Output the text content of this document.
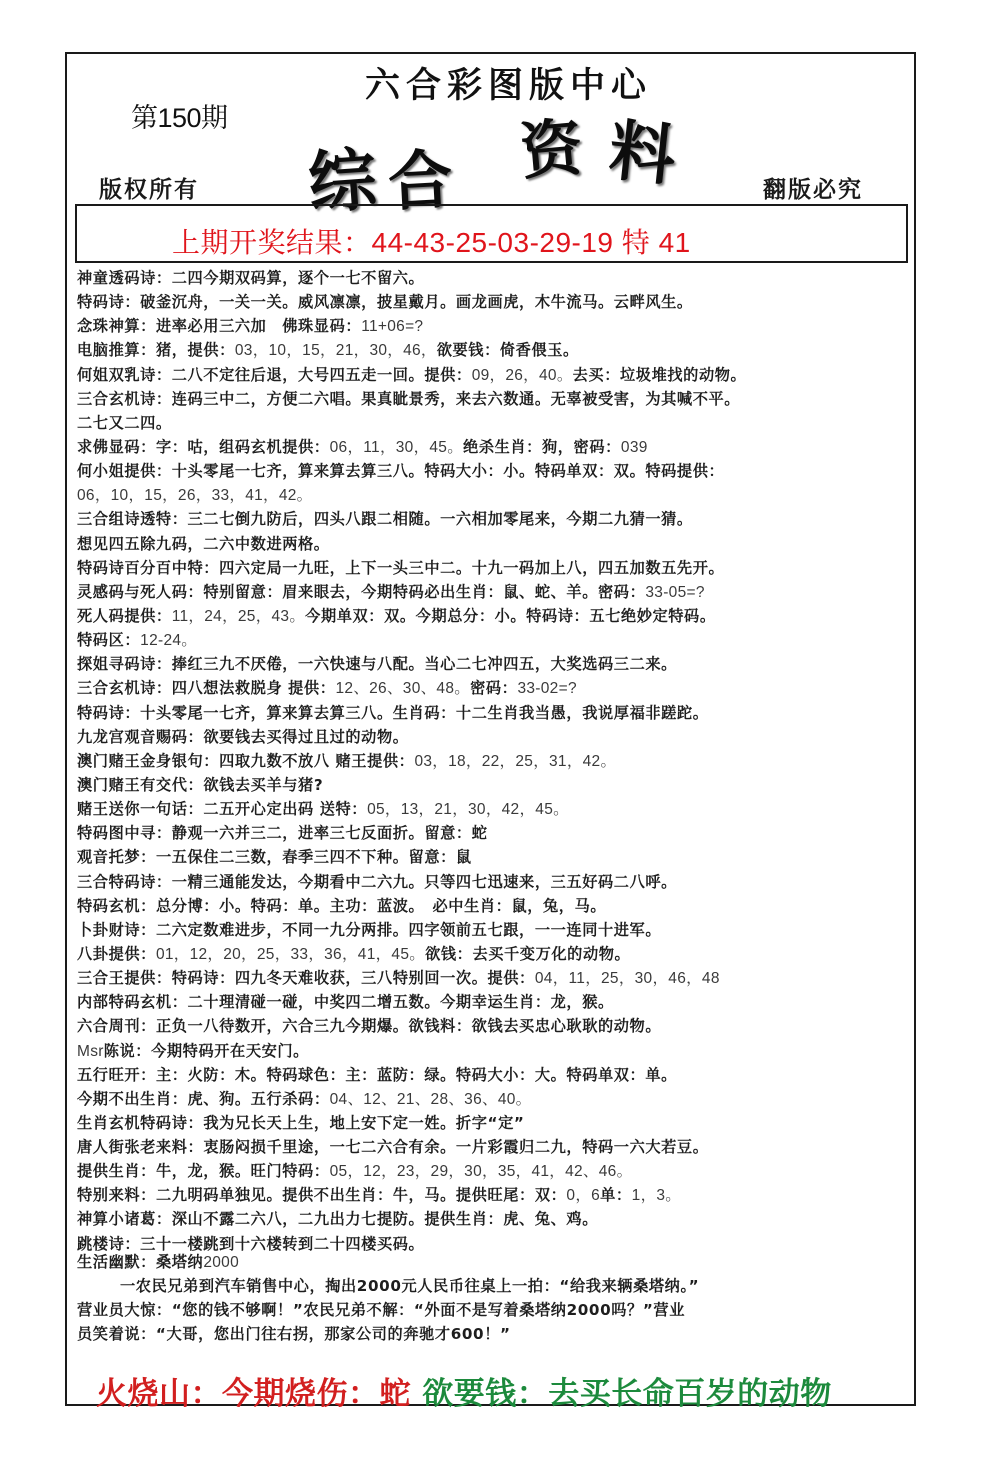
第150期
六合彩图版中心
版权所有	翻版必究
综 合 资 料
上期开奖结果：44-43-25-03-29-19 特 41
神童透码诗：二四今期双码算，逐个一七不留六。
特码诗：破釜沉舟，一关一关。威风凛凛，披星戴月。画龙画虎，木牛流马。云畔风生。
念珠神算：进率必用三六加　佛珠显码：11+06=?
电脑推算：猪，提供：03，10，15，21，30，46，欲要钱：倚香偎玉。
何姐双乳诗：二八不定往后退，大号四五走一回。提供：09，26，40。去买：垃圾堆找的动物。
三合玄机诗：连码三中二，方便二六唱。果真眦景秀，来去六数通。无辜被受害，为其喊不平。
二七又二四。
求佛显码：字：咕，组码玄机提供：06，11，30，45。绝杀生肖：狗，密码：039
何小姐提供：十头零尾一七齐，算来算去算三八。特码大小：小。特码单双：双。特码提供：
06，10，15，26，33，41，42。
三合组诗透特：三二七倒九防后，四头八跟二相随。一六相加零尾来，今期二九猜一猜。
想见四五除九码，二六中数进两格。
特码诗百分百中特：四六定局一九旺，上下一头三中二。十九一码加上八，四五加数五先开。
灵感码与死人码：特别留意：眉来眼去，今期特码必出生肖：鼠、蛇、羊。密码：33-05=?
死人码提供：11，24，25，43。今期单双：双。今期总分：小。特码诗：五七绝妙定特码。
特码区：12-24。
探姐寻码诗：捧红三九不厌倦，一六快速与八配。当心二七冲四五，大奖选码三二来。
三合玄机诗：四八想法救脱身 提供：12、26、30、48。密码：33-02=?
特码诗：十头零尾一七齐，算来算去算三八。生肖码：十二生肖我当愚，我说厚福非蹉跎。
九龙宫观音赐码：欲要钱去买得过且过的动物。
澳门赌王金身银句：四取九数不放八 赌王提供：03，18，22，25，31，42。
澳门赌王有交代：欲钱去买羊与猪?
赌王送你一句话：二五开心定出码 送特：05，13，21，30，42，45。
特码图中寻：静观一六并三二，进率三七反面折。留意：蛇
观音托梦：一五保住二三数，春季三四不下种。留意：鼠
三合特码诗：一精三通能发达，今期看中二六九。只等四七迅速来，三五好码二八呼。
特码玄机：总分博：小。特码：单。主功：蓝波。　必中生肖：鼠，兔，马。
卜卦财诗：二六定数难进步，不同一九分两排。四字领前五七跟，一一连同十进军。
八卦提供：01，12，20，25，33，36，41，45。欲钱：去买千变万化的动物。
三合王提供：特码诗：四九冬天难收获，三八特别回一次。提供：04，11，25，30，46，48
内部特码玄机：二十理清碰一碰，中奖四二增五数。今期幸运生肖：龙，猴。
六合周刊：正负一八待数开，六合三九今期爆。欲钱料：欲钱去买忠心耿耿的动物。
Msr陈说：今期特码开在天安门。
五行旺开：主：火防：木。特码球色：主：蓝防：绿。特码大小：大。特码单双：单。
今期不出生肖：虎、狗。五行杀码：04、12、21、28、36、40。
生肖玄机特码诗：我为兄长天上生，地上安下定一姓。折字“定”
唐人街张老来料：衷肠闷损千里途，一七二六合有余。一片彩霞归二九，特码一六大若豆。
提供生肖：牛，龙，猴。旺门特码：05，12，23，29，30，35，41，42、46。
特别来料：二九明码单独见。提供不出生肖：牛，马。提供旺尾：双：0，6单：1，3。
神算小诸葛：深山不露二六八，二九出力七提防。提供生肖：虎、兔、鸡。
跳楼诗：三十一楼跳到十六楼转到二十四楼买码。
生活幽默：桑塔纳2000
一农民兄弟到汽车销售中心，掏出2000元人民币往桌上一拍：“给我来辆桑塔纳。”
营业员大惊：“您的钱不够啊！”农民兄弟不解：“外面不是写着桑塔纳2000吗？”营业
员笑着说：“大哥，您出门往右拐，那家公司的奔驰才600！”
火烧山：今期烧伤：蛇 欲要钱：去买长命百岁的动物
